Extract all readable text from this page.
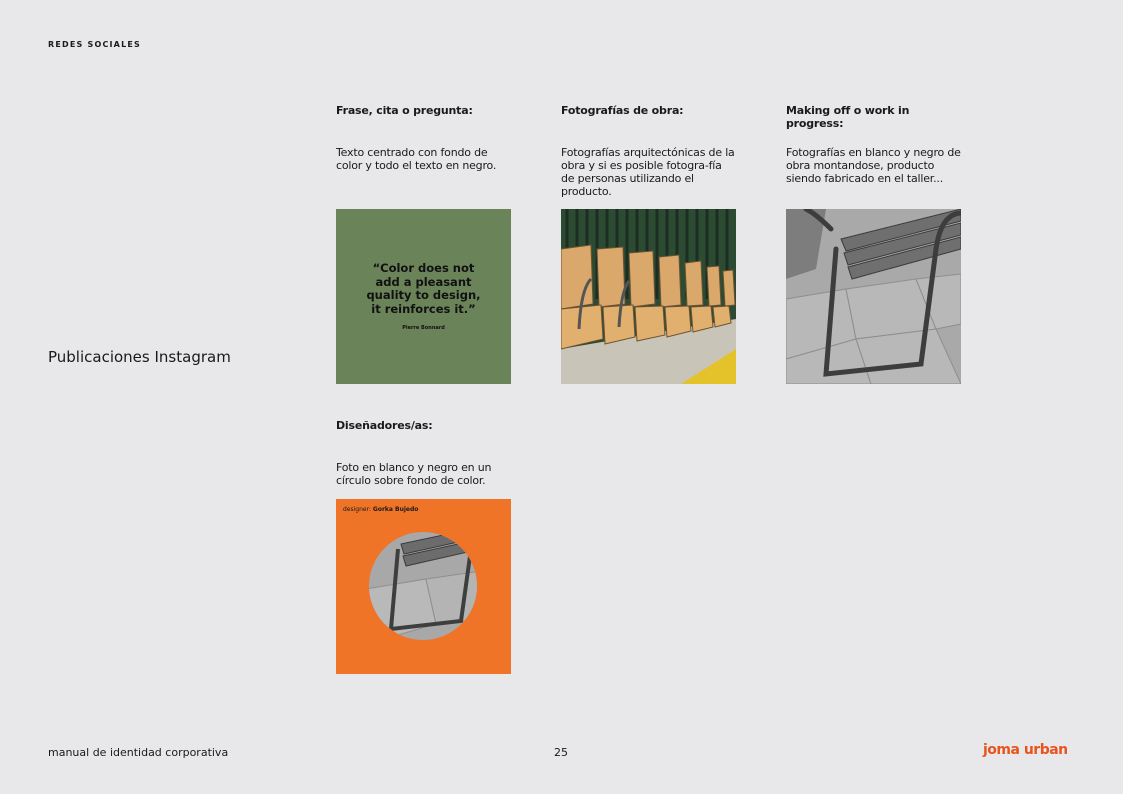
REDES SOCIALES
Publicaciones Instagram

Frase, cita o pregunta:

Texto centrado con fondo de color y todo el texto en negro.

“Color does not add a pleasant quality to design, it reinforces it.”
Pierre Bonnard

Fotografías de obra:

Fotografías arquitectónicas de la obra y si es posible fotogra-fía de personas utilizando el producto.

Making off o work in progress:

Fotografías en blanco y negro de obra montandose, producto siendo fabricado en el taller...

Diseñadores/as:

Foto en blanco y negro en un círculo sobre fondo de color.

designer: Gorka Bujedo
manual de identidad corporativa	25	joma urban
